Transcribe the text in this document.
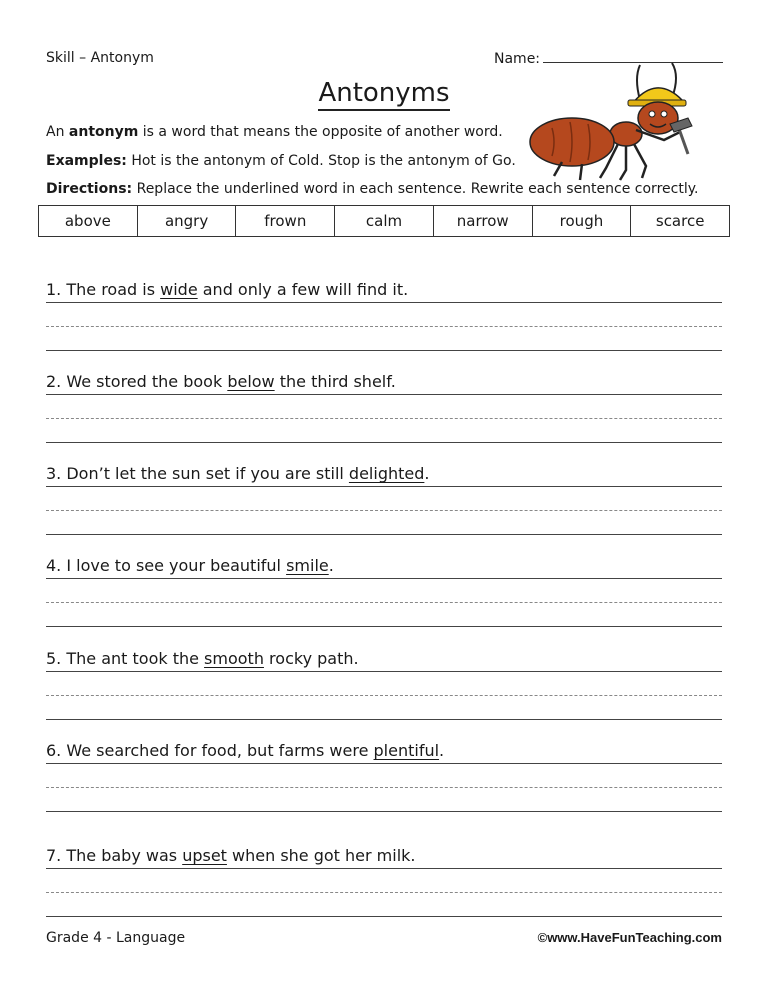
Skill – Antonym	Name:
Antonyms
An antonym is a word that means the opposite of another word.
Examples: Hot is the antonym of Cold. Stop is the antonym of Go.
Directions: Replace the underlined word in each sentence. Rewrite each sentence correctly.
above	angry	frown	calm	narrow	rough	scarce
1. The road is wide and only a few will find it.
2. We stored the book below the third shelf.
3. Don’t let the sun set if you are still delighted.
4. I love to see your beautiful smile.
5. The ant took the smooth rocky path.
6. We searched for food, but farms were plentiful.
7. The baby was upset when she got her milk.
Grade 4 - Language	©www.HaveFunTeaching.com
